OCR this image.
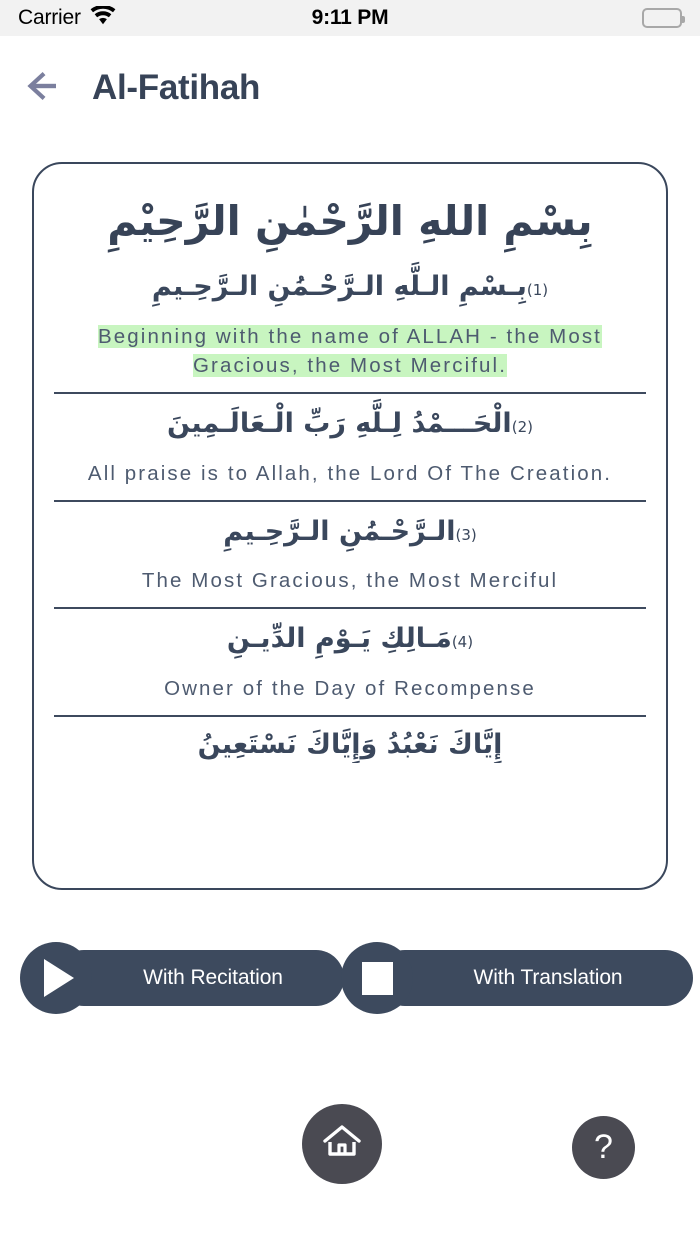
Carrier	9:11 PM
Al-Fatihah
بِسْمِ اللهِ الرَّحْمٰنِ الرَّحِيْمِ
(1)بِـسْمِ الـلَّهِ الـرَّحْـمُٰنِ الـرَّحِـيمِ
Beginning with the name of ALLAH - the Most Gracious, the Most Merciful.
(2)الْحَـــمْدُ لِـلَّهِ رَبِّ الْـعَالَـمِينَ
All praise is to Allah, the Lord Of The Creation.
(3)الـرَّحْـمُٰنِ الـرَّحِـيمِ
The Most Gracious, the Most Merciful
(4)مَـالِكِ يَـوْمِ الدِّيـنِ
Owner of the Day of Recompense
إِيَّاكَ نَعْبُدُ وَإِيَّاكَ نَسْتَعِينُ
With Recitation	With Translation
?
